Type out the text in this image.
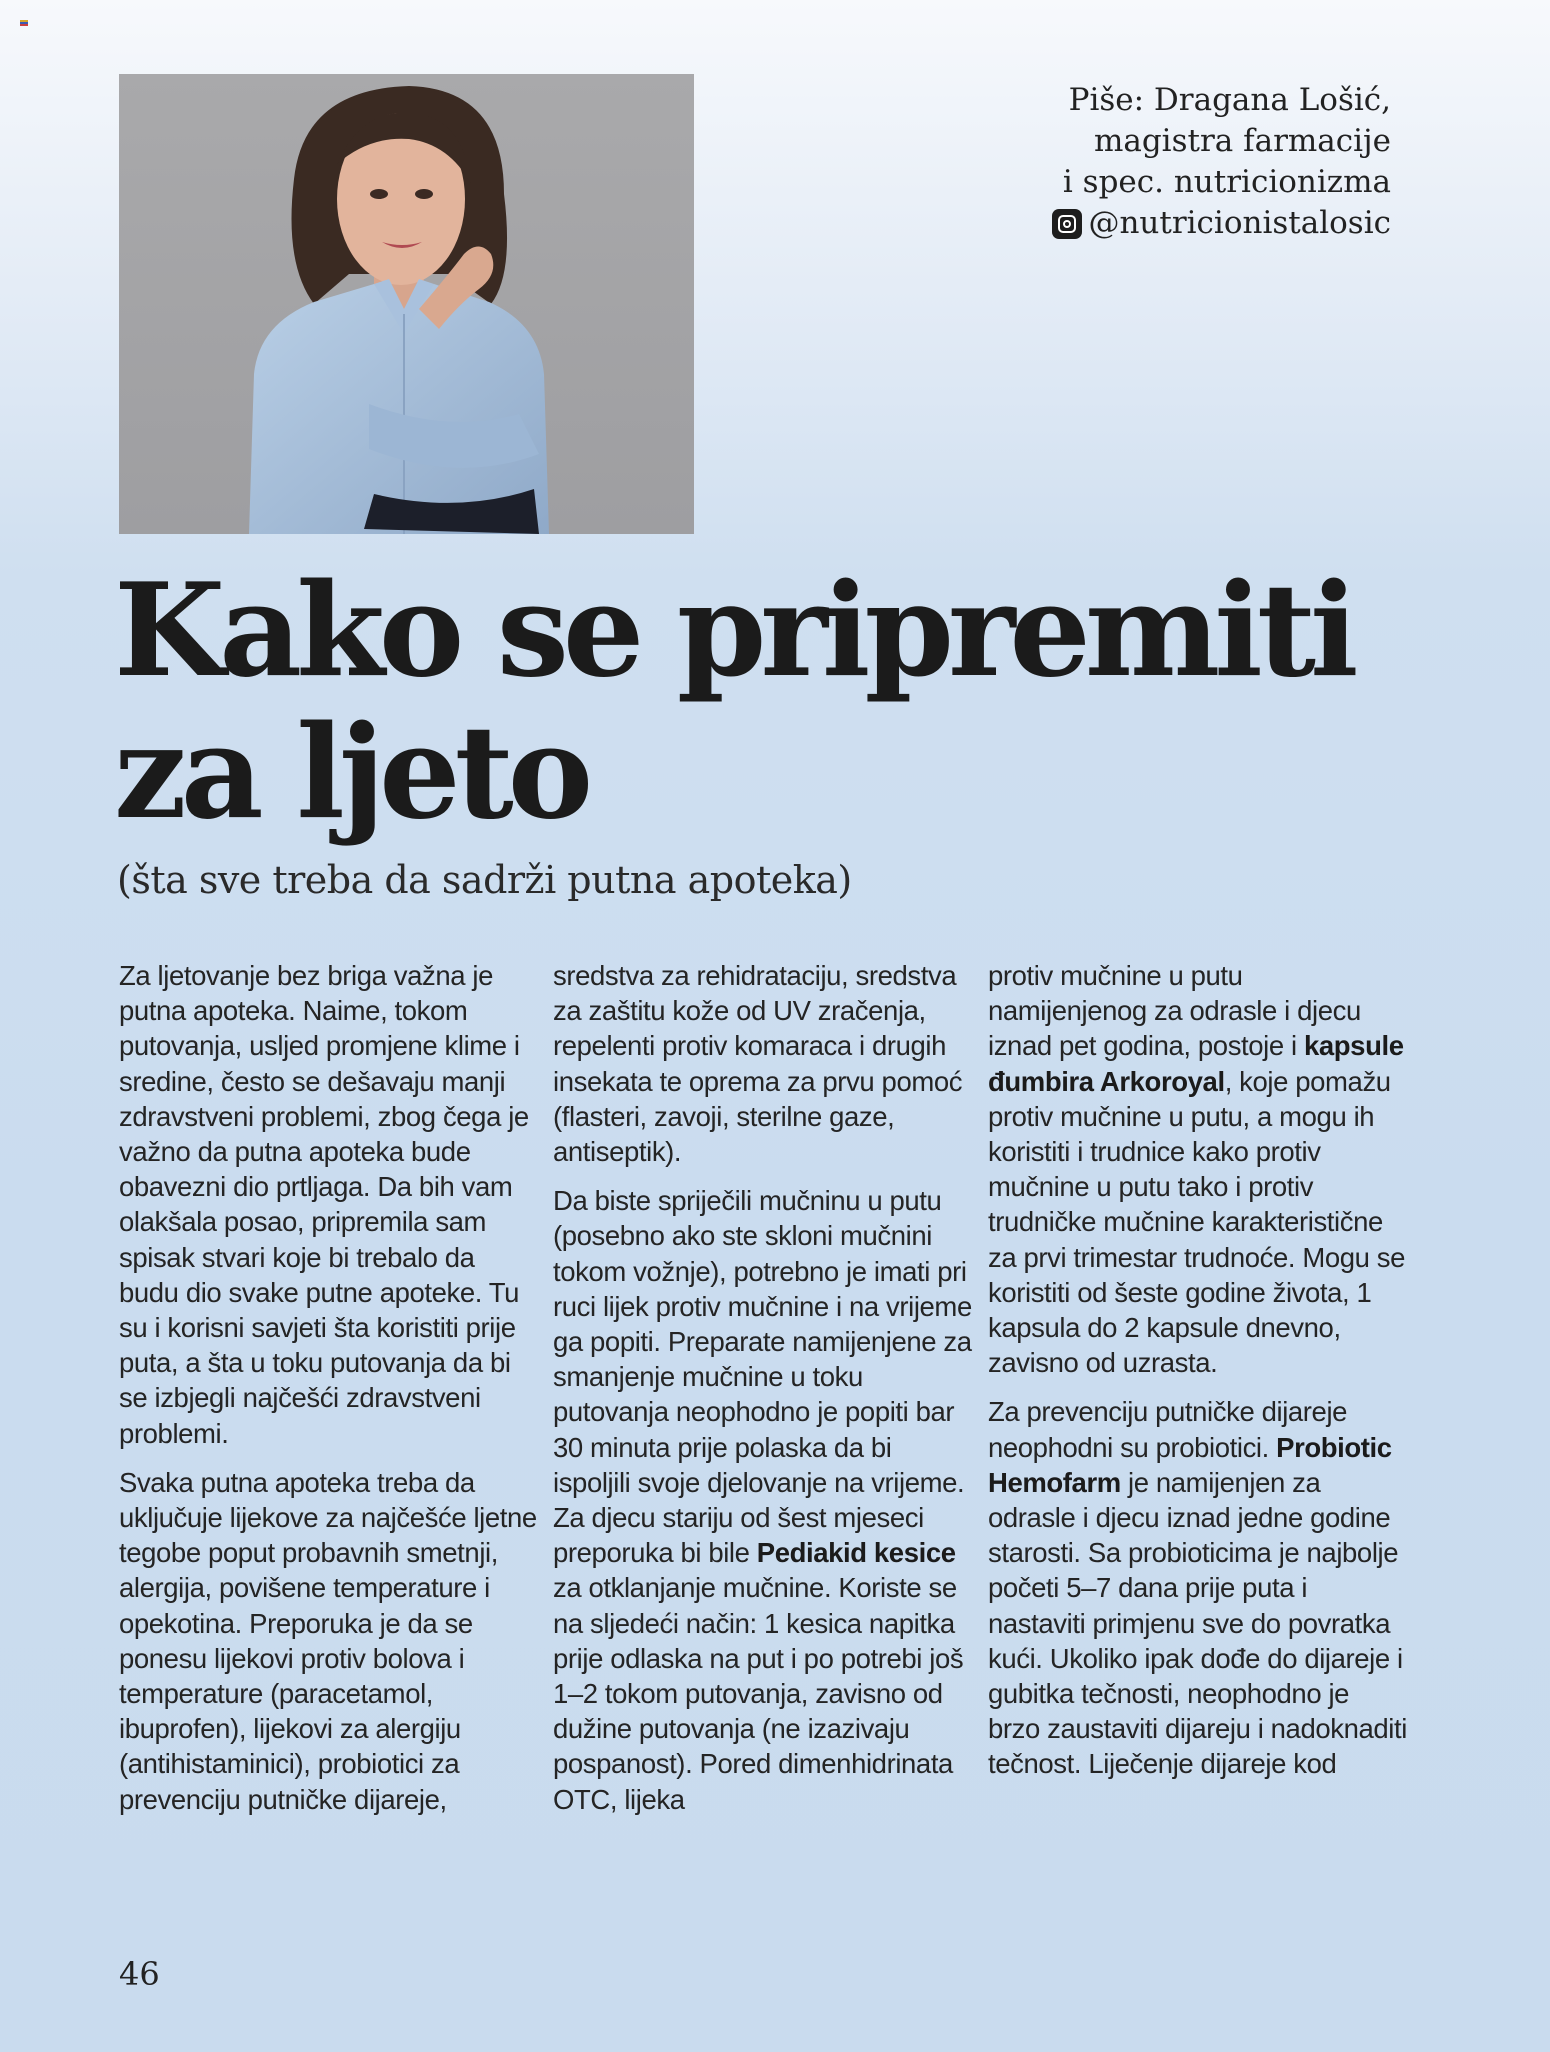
Piše: Dragana Lošić,
magistra farmacije
i spec. nutricionizma
@nutricionistalosic
Kako se pripremiti
za ljeto

(šta sve treba da sadrži putna apoteka)

Za ljetovanje bez briga važna je putna apoteka. Naime, tokom putovanja, usljed promjene klime i sredine, često se dešavaju manji zdravstveni problemi, zbog čega je važno da putna apoteka bude obavezni dio prtljaga. Da bih vam olakšala posao, pripremila sam spisak stvari koje bi trebalo da budu dio svake putne apoteke. Tu su i korisni savjeti šta koristiti prije puta, a šta u toku putovanja da bi se izbjegli najčešći zdravstveni problemi.

Svaka putna apoteka treba da uključuje lijekove za najčešće ljetne tegobe poput probavnih smetnji, alergija, povišene temperature i opekotina. Preporuka je da se ponesu lijekovi protiv bolova i temperature (paracetamol, ibuprofen), lijekovi za alergiju (antihistaminici), probiotici za prevenciju putničke dijareje,

sredstva za rehidrataciju, sredstva za zaštitu kože od UV zračenja, repelenti protiv komaraca i drugih insekata te oprema za prvu pomoć (flasteri, zavoji, sterilne gaze, antiseptik).

Da biste spriječili mučninu u putu (posebno ako ste skloni mučnini tokom vožnje), potrebno je imati pri ruci lijek protiv mučnine i na vrijeme ga popiti. Preparate namijenjene za smanjenje mučnine u toku putovanja neophodno je popiti bar 30 minuta prije polaska da bi ispoljili svoje djelovanje na vrijeme. Za djecu stariju od šest mjeseci preporuka bi bile Pediakid kesice za otklanjanje mučnine. Koriste se na sljedeći način: 1 kesica napitka prije odlaska na put i po potrebi još 1–2 tokom putovanja, zavisno od dužine putovanja (ne izazivaju pospanost). Pored dimenhidrinata OTC, lijeka

protiv mučnine u putu namijenjenog za odrasle i djecu iznad pet godina, postoje i kapsule đumbira Arkoroyal, koje pomažu protiv mučnine u putu, a mogu ih koristiti i trudnice kako protiv mučnine u putu tako i protiv trudničke mučnine karakteristične za prvi trimestar trudnoće. Mogu se koristiti od šeste godine života, 1 kapsula do 2 kapsule dnevno, zavisno od uzrasta.

Za prevenciju putničke dijareje neophodni su probiotici. Probiotic Hemofarm je namijenjen za odrasle i djecu iznad jedne godine starosti. Sa probioticima je najbolje početi 5–7 dana prije puta i nastaviti primjenu sve do povratka kući. Ukoliko ipak dođe do dijareje i gubitka tečnosti, neophodno je brzo zaustaviti dijareju i nadoknaditi tečnost. Liječenje dijareje kod

46
